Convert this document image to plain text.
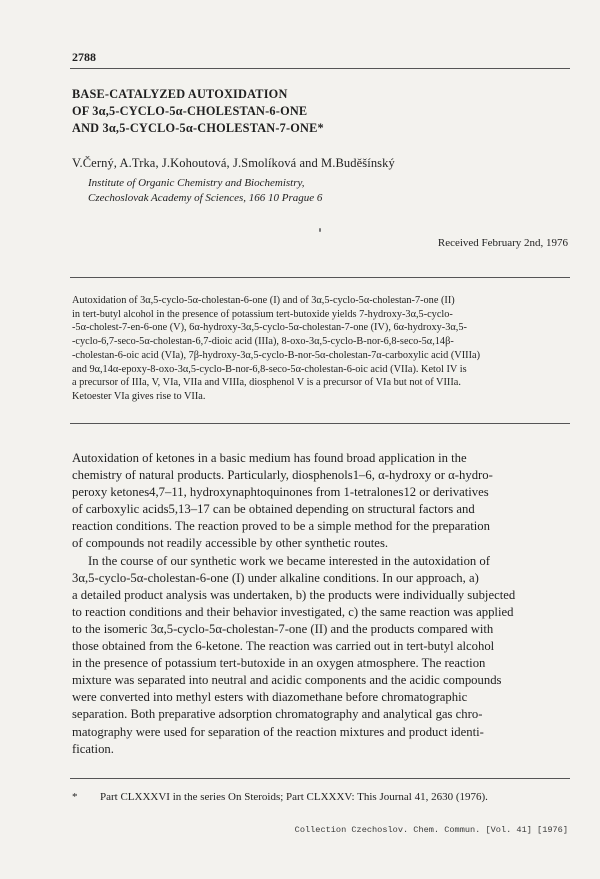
2788
BASE-CATALYZED AUTOXIDATION
OF 3α,5-CYCLO-5α-CHOLESTAN-6-ONE
AND 3α,5-CYCLO-5α-CHOLESTAN-7-ONE*
V.Černý, A.Trka, J.Kohoutová, J.Smolíková and M.Buděšínský
Institute of Organic Chemistry and Biochemistry,
Czechoslovak Academy of Sciences, 166 10 Prague 6
Received February 2nd, 1976
Autoxidation of 3α,5-cyclo-5α-cholestan-6-one (I) and of 3α,5-cyclo-5α-cholestan-7-one (II)
in tert-butyl alcohol in the presence of potassium tert-butoxide yields 7-hydroxy-3α,5-cyclo-
-5α-cholest-7-en-6-one (V), 6α-hydroxy-3α,5-cyclo-5α-cholestan-7-one (IV), 6α-hydroxy-3α,5-
-cyclo-6,7-seco-5α-cholestan-6,7-dioic acid (IIIa), 8-oxo-3α,5-cyclo-B-nor-6,8-seco-5α,14β-
-cholestan-6-oic acid (VIa), 7β-hydroxy-3α,5-cyclo-B-nor-5α-cholestan-7α-carboxylic acid (VIIIa)
and 9α,14α-epoxy-8-oxo-3α,5-cyclo-B-nor-6,8-seco-5α-cholestan-6-oic acid (VIIa). Ketol IV is
a precursor of IIIa, V, VIa, VIIa and VIIIa, diosphenol V is a precursor of VIa but not of VIIIa.
Ketoester VIa gives rise to VIIa.
Autoxidation of ketones in a basic medium has found broad application in the
chemistry of natural products. Particularly, diosphenols1–6, α-hydroxy or α-hydro-
peroxy ketones4,7–11, hydroxynaphtoquinones from 1-tetralones12 or derivatives
of carboxylic acids5,13–17 can be obtained depending on structural factors and
reaction conditions. The reaction proved to be a simple method for the preparation
of compounds not readily accessible by other synthetic routes.
In the course of our synthetic work we became interested in the autoxidation of
3α,5-cyclo-5α-cholestan-6-one (I) under alkaline conditions. In our approach, a)
a detailed product analysis was undertaken, b) the products were individually subjected
to reaction conditions and their behavior investigated, c) the same reaction was applied
to the isomeric 3α,5-cyclo-5α-cholestan-7-one (II) and the products compared with
those obtained from the 6-ketone. The reaction was carried out in tert-butyl alcohol
in the presence of potassium tert-butoxide in an oxygen atmosphere. The reaction
mixture was separated into neutral and acidic components and the acidic compounds
were converted into methyl esters with diazomethane before chromatographic
separation. Both preparative adsorption chromatography and analytical gas chro-
matography were used for separation of the reaction mixtures and product identi-
fication.
* Part CLXXXVI in the series On Steroids; Part CLXXXV: This Journal 41, 2630 (1976).
Collection Czechoslov. Chem. Commun. [Vol. 41] [1976]
